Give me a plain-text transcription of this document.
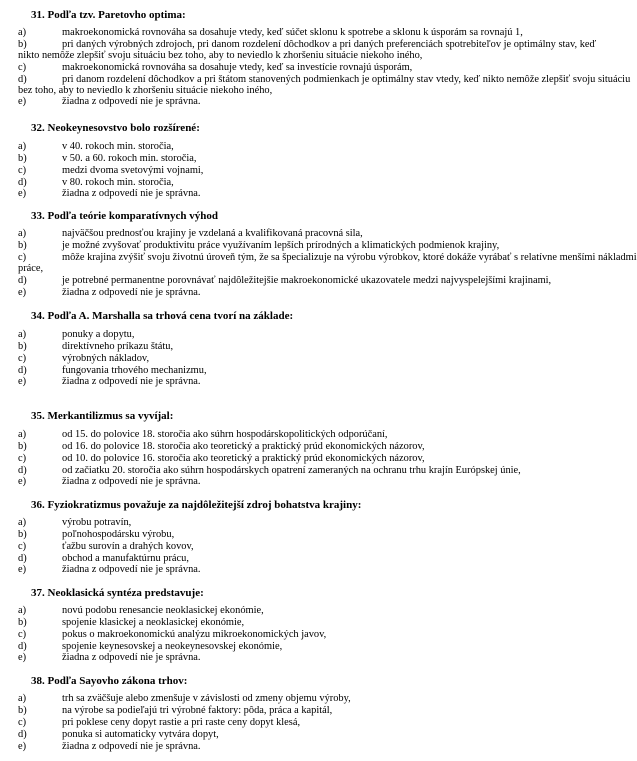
31. Podľa tzv. Paretovho optima:
a)	makroekonomická rovnováha sa dosahuje vtedy, keď súčet sklonu k spotrebe a sklonu k úsporám sa rovnajú 1,
b)	pri daných výrobných zdrojoch, pri danom rozdelení dôchodkov a pri daných preferenciách spotrebiteľov je optimálny stav, keď
nikto nemôže zlepšiť svoju situáciu bez toho, aby to neviedlo k zhoršeniu situácie niekoho iného,
c)	makroekonomická rovnováha sa dosahuje vtedy, keď sa investície rovnajú úsporám,
d)	pri danom rozdelení dôchodkov a pri štátom stanovených podmienkach je optimálny stav vtedy, keď nikto nemôže zlepšiť svoju situáciu
bez toho, aby to neviedlo k zhoršeniu situácie niekoho iného,
e)	žiadna z odpovedí nie je správna.
32. Neokeynesovstvo bolo rozšírené:
a)	v 40. rokoch min. storočia,
b)	v 50. a 60. rokoch min. storočia,
c)	medzi dvoma svetovými vojnami,
d)	v 80. rokoch min. storočia,
e)	žiadna z odpovedí nie je správna.
33. Podľa teórie komparatívnych výhod
a)	najväčšou prednosťou krajiny je vzdelaná a kvalifikovaná pracovná sila,
b)	je možné zvyšovať produktivitu práce využívaním lepších prírodných a klimatických podmienok krajiny,
c)	môže krajina zvýšiť svoju životnú úroveň tým, že sa špecializuje na výrobu výrobkov, ktoré dokáže vyrábať s relatívne menšími nákladmi
práce,
d)	je potrebné permanentne porovnávať najdôležitejšie makroekonomické ukazovatele medzi najvyspelejšími krajinami,
e)	žiadna z odpovedí nie je správna.
34. Podľa A. Marshalla sa trhová cena tvorí na základe:
a)	ponuky a dopytu,
b)	direktívneho príkazu štátu,
c)	výrobných nákladov,
d)	fungovania trhového mechanizmu,
e)	žiadna z odpovedí nie je správna.
35. Merkantilizmus sa vyvíjal:
a)	od 15. do polovice 18. storočia ako súhrn hospodárskopolitických odporúčaní,
b)	od 16. do polovice 18. storočia ako teoretický a praktický prúd ekonomických názorov,
c)	od 10. do polovice 16. storočia ako teoretický a praktický prúd ekonomických názorov,
d)	od začiatku 20. storočia ako súhrn hospodárskych opatrení zameraných na ochranu trhu krajín Európskej únie,
e)	žiadna z odpovedí nie je správna.
36. Fyziokratizmus považuje za najdôležitejší zdroj bohatstva krajiny:
a)	výrobu potravín,
b)	poľnohospodársku výrobu,
c)	ťažbu surovín a drahých kovov,
d)	obchod a manufaktúrnu prácu,
e)	žiadna z odpovedí nie je správna.
37. Neoklasická syntéza predstavuje:
a)	novú podobu renesancie neoklasickej ekonómie,
b)	spojenie klasickej a neoklasickej ekonómie,
c)	pokus o makroekonomickú analýzu mikroekonomických javov,
d)	spojenie keynesovskej a neokeynesovskej ekonómie,
e)	žiadna z odpovedí nie je správna.
38. Podľa Sayovho zákona trhov:
a)	trh sa zväčšuje alebo zmenšuje v závislosti od zmeny objemu výroby,
b)	na výrobe sa podieľajú tri výrobné faktory: pôda, práca a kapitál,
c)	pri poklese ceny dopyt rastie a pri raste ceny dopyt klesá,
d)	ponuka si automaticky vytvára dopyt,
e)	žiadna z odpovedí nie je správna.
